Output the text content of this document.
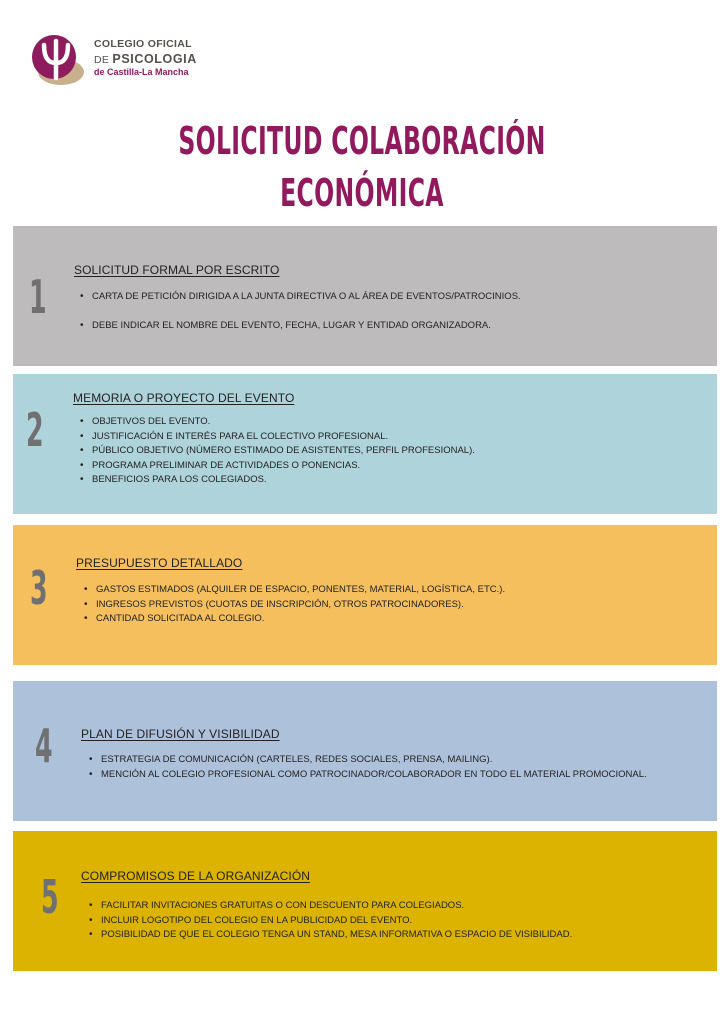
COLEGIO OFICIAL
DE PSICOLOGIA
de Castilla-La Mancha
SOLICITUD COLABORACIÓN ECONÓMICA
1 SOLICITUD FORMAL POR ESCRITO
• CARTA DE PETICIÓN DIRIGIDA A LA JUNTA DIRECTIVA O AL ÁREA DE EVENTOS/PATROCINIOS.
• DEBE INDICAR EL NOMBRE DEL EVENTO, FECHA, LUGAR Y ENTIDAD ORGANIZADORA.
2
MEMORIA O PROYECTO DEL EVENTO
• OBJETIVOS DEL EVENTO.
• JUSTIFICACIÓN E INTERÉS PARA EL COLECTIVO PROFESIONAL.
• PÚBLICO OBJETIVO (NÚMERO ESTIMADO DE ASISTENTES, PERFIL PROFESIONAL).
• PROGRAMA PRELIMINAR DE ACTIVIDADES O PONENCIAS.
• BENEFICIOS PARA LOS COLEGIADOS.
3 PRESUPUESTO DETALLADO
• GASTOS ESTIMADOS (ALQUILER DE ESPACIO, PONENTES, MATERIAL, LOGÍSTICA, ETC.).
• INGRESOS PREVISTOS (CUOTAS DE INSCRIPCIÓN, OTROS PATROCINADORES).
• CANTIDAD SOLICITADA AL COLEGIO.
4 PLAN DE DIFUSIÓN Y VISIBILIDAD
• ESTRATEGIA DE COMUNICACIÓN (CARTELES, REDES SOCIALES, PRENSA, MAILING).
• MENCIÓN AL COLEGIO PROFESIONAL COMO PATROCINADOR/COLABORADOR EN TODO EL MATERIAL PROMOCIONAL.
5 COMPROMISOS DE LA ORGANIZACIÓN
• FACILITAR INVITACIONES GRATUITAS O CON DESCUENTO PARA COLEGIADOS.
• INCLUIR LOGOTIPO DEL COLEGIO EN LA PUBLICIDAD DEL EVENTO.
• POSIBILIDAD DE QUE EL COLEGIO TENGA UN STAND, MESA INFORMATIVA O ESPACIO DE VISIBILIDAD.
